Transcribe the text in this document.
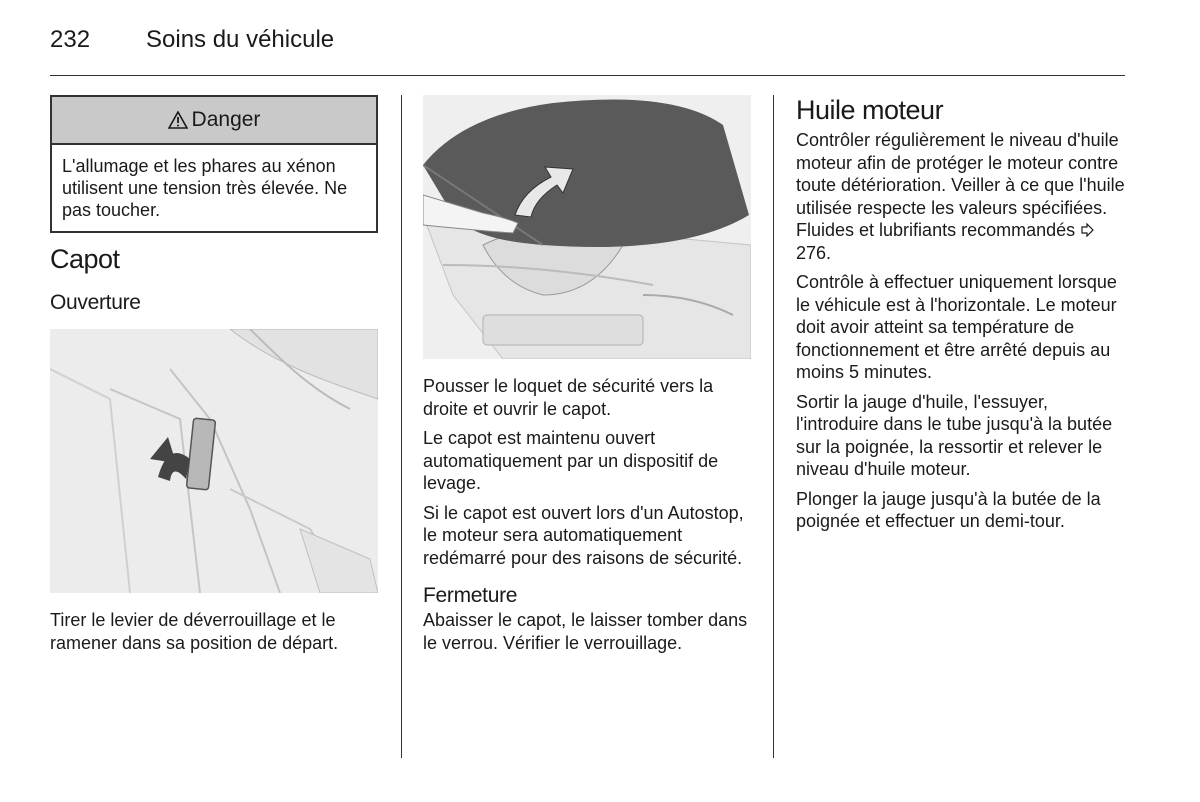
232	Soins du véhicule
Danger
L'allumage et les phares au xénon utilisent une tension très élevée. Ne pas toucher.
Capot
Ouverture

Tirer le levier de déverrouillage et le ramener dans sa position de départ.

Pousser le loquet de sécurité vers la droite et ouvrir le capot.

Le capot est maintenu ouvert automatiquement par un dispositif de levage.

Si le capot est ouvert lors d'un Autostop, le moteur sera automatiquement redémarré pour des raisons de sécurité.

Fermeture

Abaisser le capot, le laisser tomber dans le verrou. Vérifier le verrouillage.

Huile moteur

Contrôler régulièrement le niveau d'huile moteur afin de protéger le moteur contre toute détérioration. Veiller à ce que l'huile utilisée respecte les valeurs spécifiées. Fluides et lubrifiants recommandés  276.

Contrôle à effectuer uniquement lorsque le véhicule est à l'horizontale. Le moteur doit avoir atteint sa température de fonctionnement et être arrêté depuis au moins 5 minutes.

Sortir la jauge d'huile, l'essuyer, l'introduire dans le tube jusqu'à la butée sur la poignée, la ressortir et relever le niveau d'huile moteur.

Plonger la jauge jusqu'à la butée de la poignée et effectuer un demi-tour.
